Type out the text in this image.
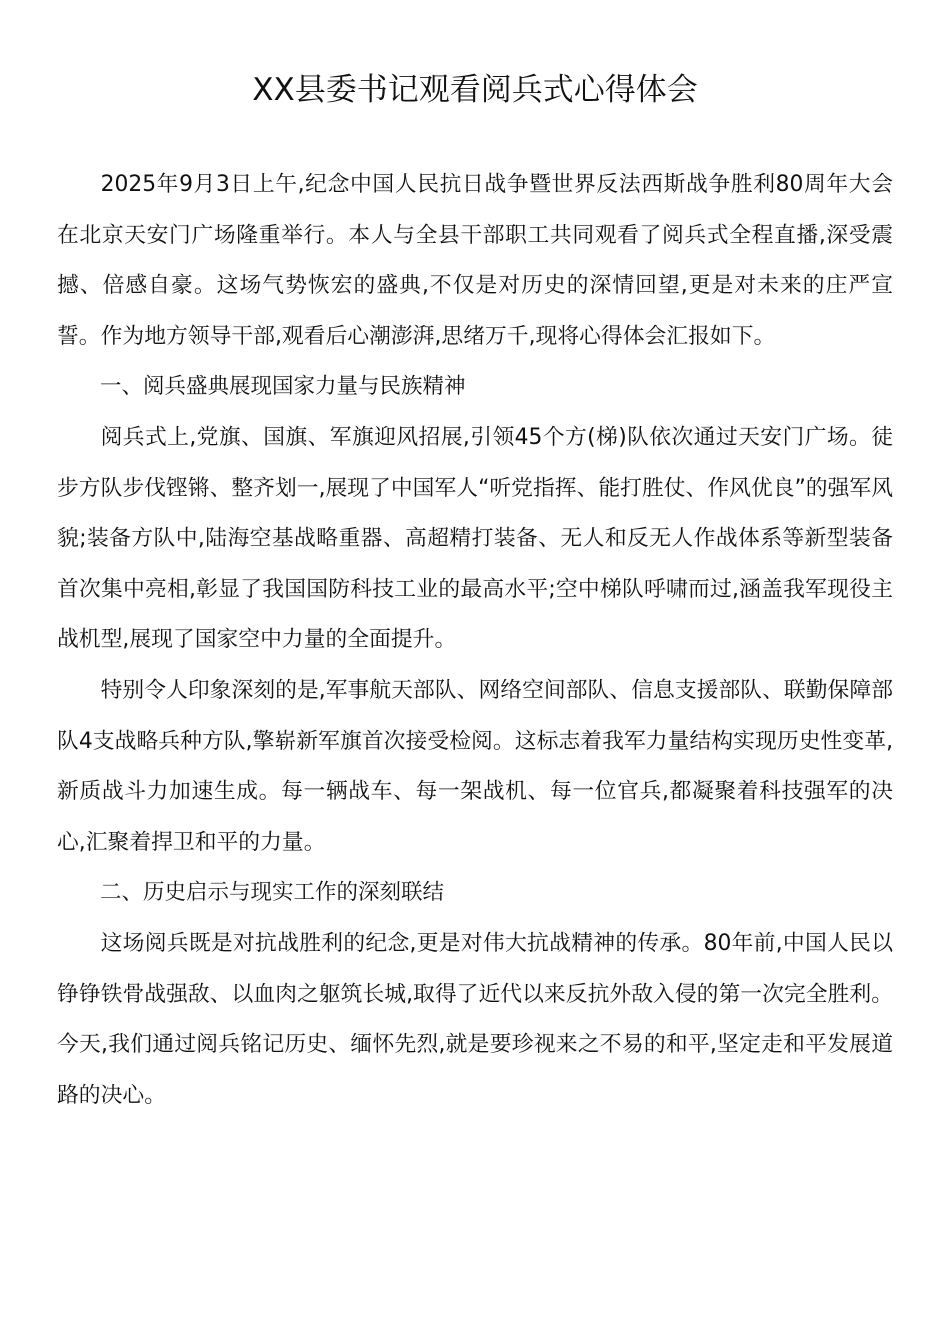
XX县委书记观看阅兵式心得体会

2025年9月3日上午,纪念中国人民抗日战争暨世界反法西斯战争胜利80周年大会在北京天安门广场隆重举行。本人与全县干部职工共同观看了阅兵式全程直播,深受震撼、倍感自豪。这场气势恢宏的盛典,不仅是对历史的深情回望,更是对未来的庄严宣誓。作为地方领导干部,观看后心潮澎湃,思绪万千,现将心得体会汇报如下。

一、阅兵盛典展现国家力量与民族精神

阅兵式上,党旗、国旗、军旗迎风招展,引领45个方(梯)队依次通过天安门广场。徒步方队步伐铿锵、整齐划一,展现了中国军人“听党指挥、能打胜仗、作风优良”的强军风貌;装备方队中,陆海空基战略重器、高超精打装备、无人和反无人作战体系等新型装备首次集中亮相,彰显了我国国防科技工业的最高水平;空中梯队呼啸而过,涵盖我军现役主战机型,展现了国家空中力量的全面提升。

特别令人印象深刻的是,军事航天部队、网络空间部队、信息支援部队、联勤保障部队4支战略兵种方队,擎崭新军旗首次接受检阅。这标志着我军力量结构实现历史性变革,新质战斗力加速生成。每一辆战车、每一架战机、每一位官兵,都凝聚着科技强军的决心,汇聚着捍卫和平的力量。

二、历史启示与现实工作的深刻联结

这场阅兵既是对抗战胜利的纪念,更是对伟大抗战精神的传承。80年前,中国人民以铮铮铁骨战强敌、以血肉之躯筑长城,取得了近代以来反抗外敌入侵的第一次完全胜利。今天,我们通过阅兵铭记历史、缅怀先烈,就是要珍视来之不易的和平,坚定走和平发展道路的决心。
